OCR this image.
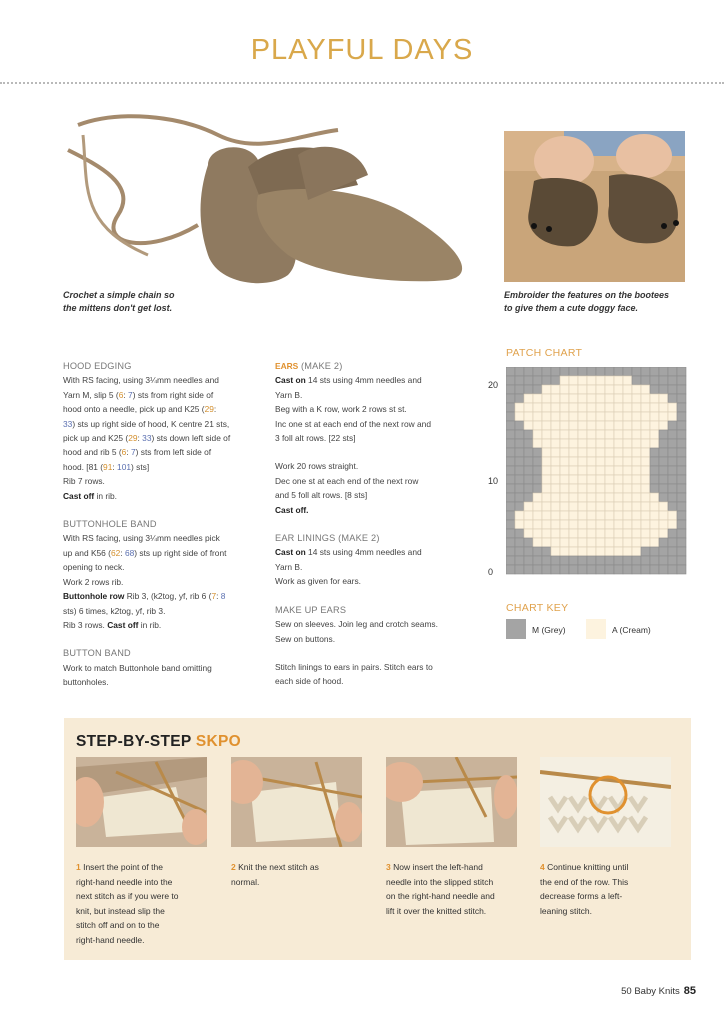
PLAYFUL DAYS
Crochet a simple chain so
the mittens don't get lost.
Embroider the features on the bootees
to give them a cute doggy face.

HOOD EDGING

With RS facing, using 3¼mm needles and

Yarn M, slip 5 (6: 7) sts from right side of

hood onto a needle, pick up and K25 (29:

33) sts up right side of hood, K centre 21 sts,

pick up and K25 (29: 33) sts down left side of

hood and rib 5 (6: 7) sts from left side of

hood. [81 (91: 101) sts]

Rib 7 rows.

Cast off in rib.

BUTTONHOLE BAND

With RS facing, using 3¼mm needles pick

up and K56 (62: 68) sts up right side of front

opening to neck.

Work 2 rows rib.

Buttonhole row Rib 3, (k2tog, yf, rib 6 (7: 8

sts) 6 times, k2tog, yf, rib 3.

Rib 3 rows. Cast off in rib.

BUTTON BAND

Work to match Buttonhole band omitting

buttonholes.

EARS (MAKE 2)

Cast on 14 sts using 4mm needles and

Yarn B.

Beg with a K row, work 2 rows st st.

Inc one st at each end of the next row and

3 foll alt rows. [22 sts]

Work 20 rows straight.

Dec one st at each end of the next row

and 5 foll alt rows. [8 sts]

Cast off.

EAR LININGS (MAKE 2)

Cast on 14 sts using 4mm needles and

Yarn B.

Work as given for ears.

MAKE UP EARS

Sew on sleeves. Join leg and crotch seams.

Sew on buttons.

Stitch linings to ears in pairs. Stitch ears to

each side of hood.

PATCH CHART
20
10
0
CHART KEY
M (Grey)	A (Cream)
STEP-BY-STEP SKPO
1 Insert the point of the
right-hand needle into the
next stitch as if you were to
knit, but instead slip the
stitch off and on to the
right-hand needle.
2 Knit the next stitch as
normal.
3 Now insert the left-hand
needle into the slipped stitch
on the right-hand needle and
lift it over the knitted stitch.
4 Continue knitting until
the end of the row. This
decrease forms a left-
leaning stitch.
50 Baby Knits 85
